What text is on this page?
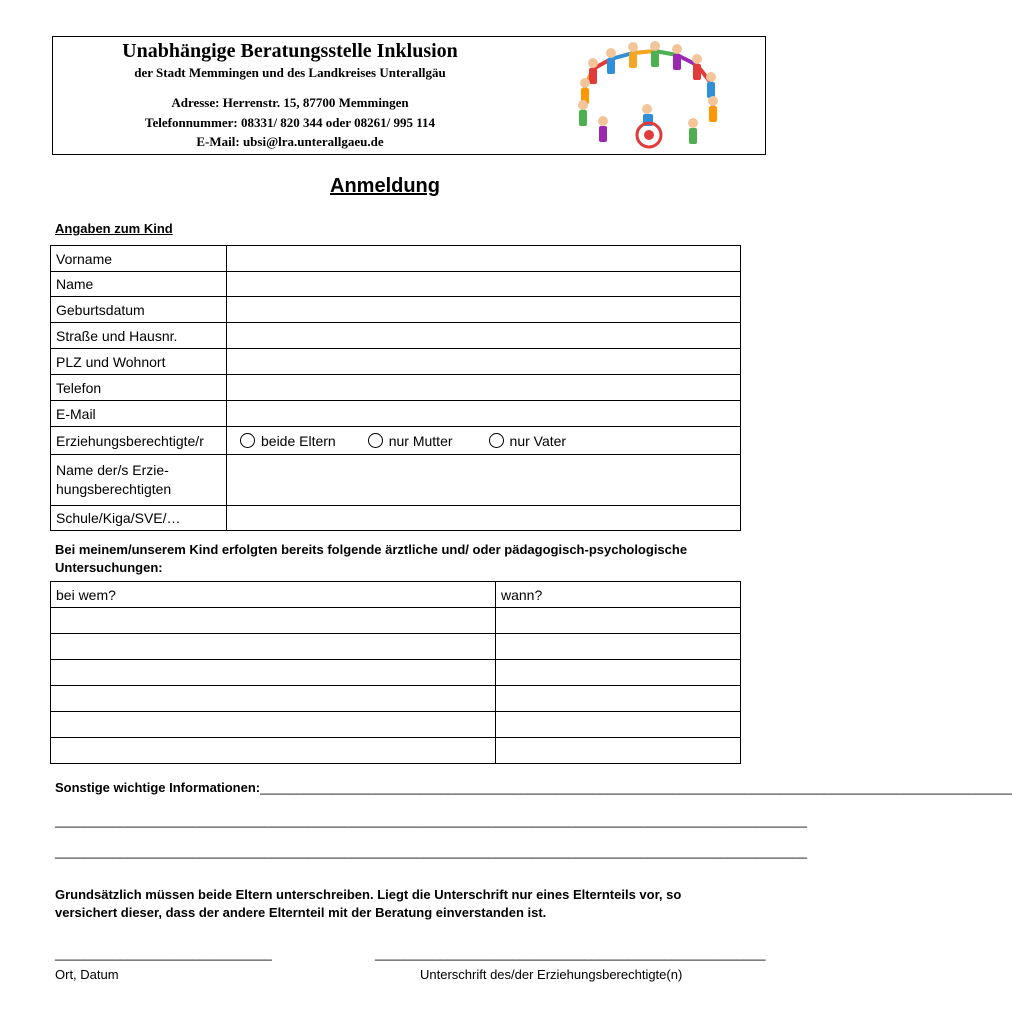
Unabhängige Beratungsstelle Inklusion
der Stadt Memmingen und des Landkreises Unterallgäu
Adresse: Herrenstr. 15, 87700 Memmingen
Telefonnummer: 08331/ 820 344 oder 08261/ 995 114
E-Mail: ubsi@lra.unterallgaeu.de
Anmeldung
Angaben zum Kind
Vorname	
Name	
Geburtsdatum	
Straße und Hausnr.	
PLZ und Wohnort	
Telefon	
E-Mail	
Erziehungsberechtigte/r	beide Eltern nur Mutter nur Vater

Name der/s Erzie-
hungsberechtigten	
Schule/Kiga/SVE/…	
Bei meinem/unserem Kind erfolgten bereits folgende ärztliche und/ oder pädagogisch-psychologische Untersuchungen:
bei wem?	wann?

Sonstige wichtige Informationen:________________________________________________________________________________________________________
________________________________________________________________________________________________________
________________________________________________________________________________________________________
Grundsätzlich müssen beide Eltern unterschreiben. Liegt die Unterschrift nur eines Elternteils vor, so versichert dieser, dass der andere Elternteil mit der Beratung einverstanden ist.
______________________________	______________________________________________________
Ort, Datum	Unterschrift des/der Erziehungsberechtigte(n)
